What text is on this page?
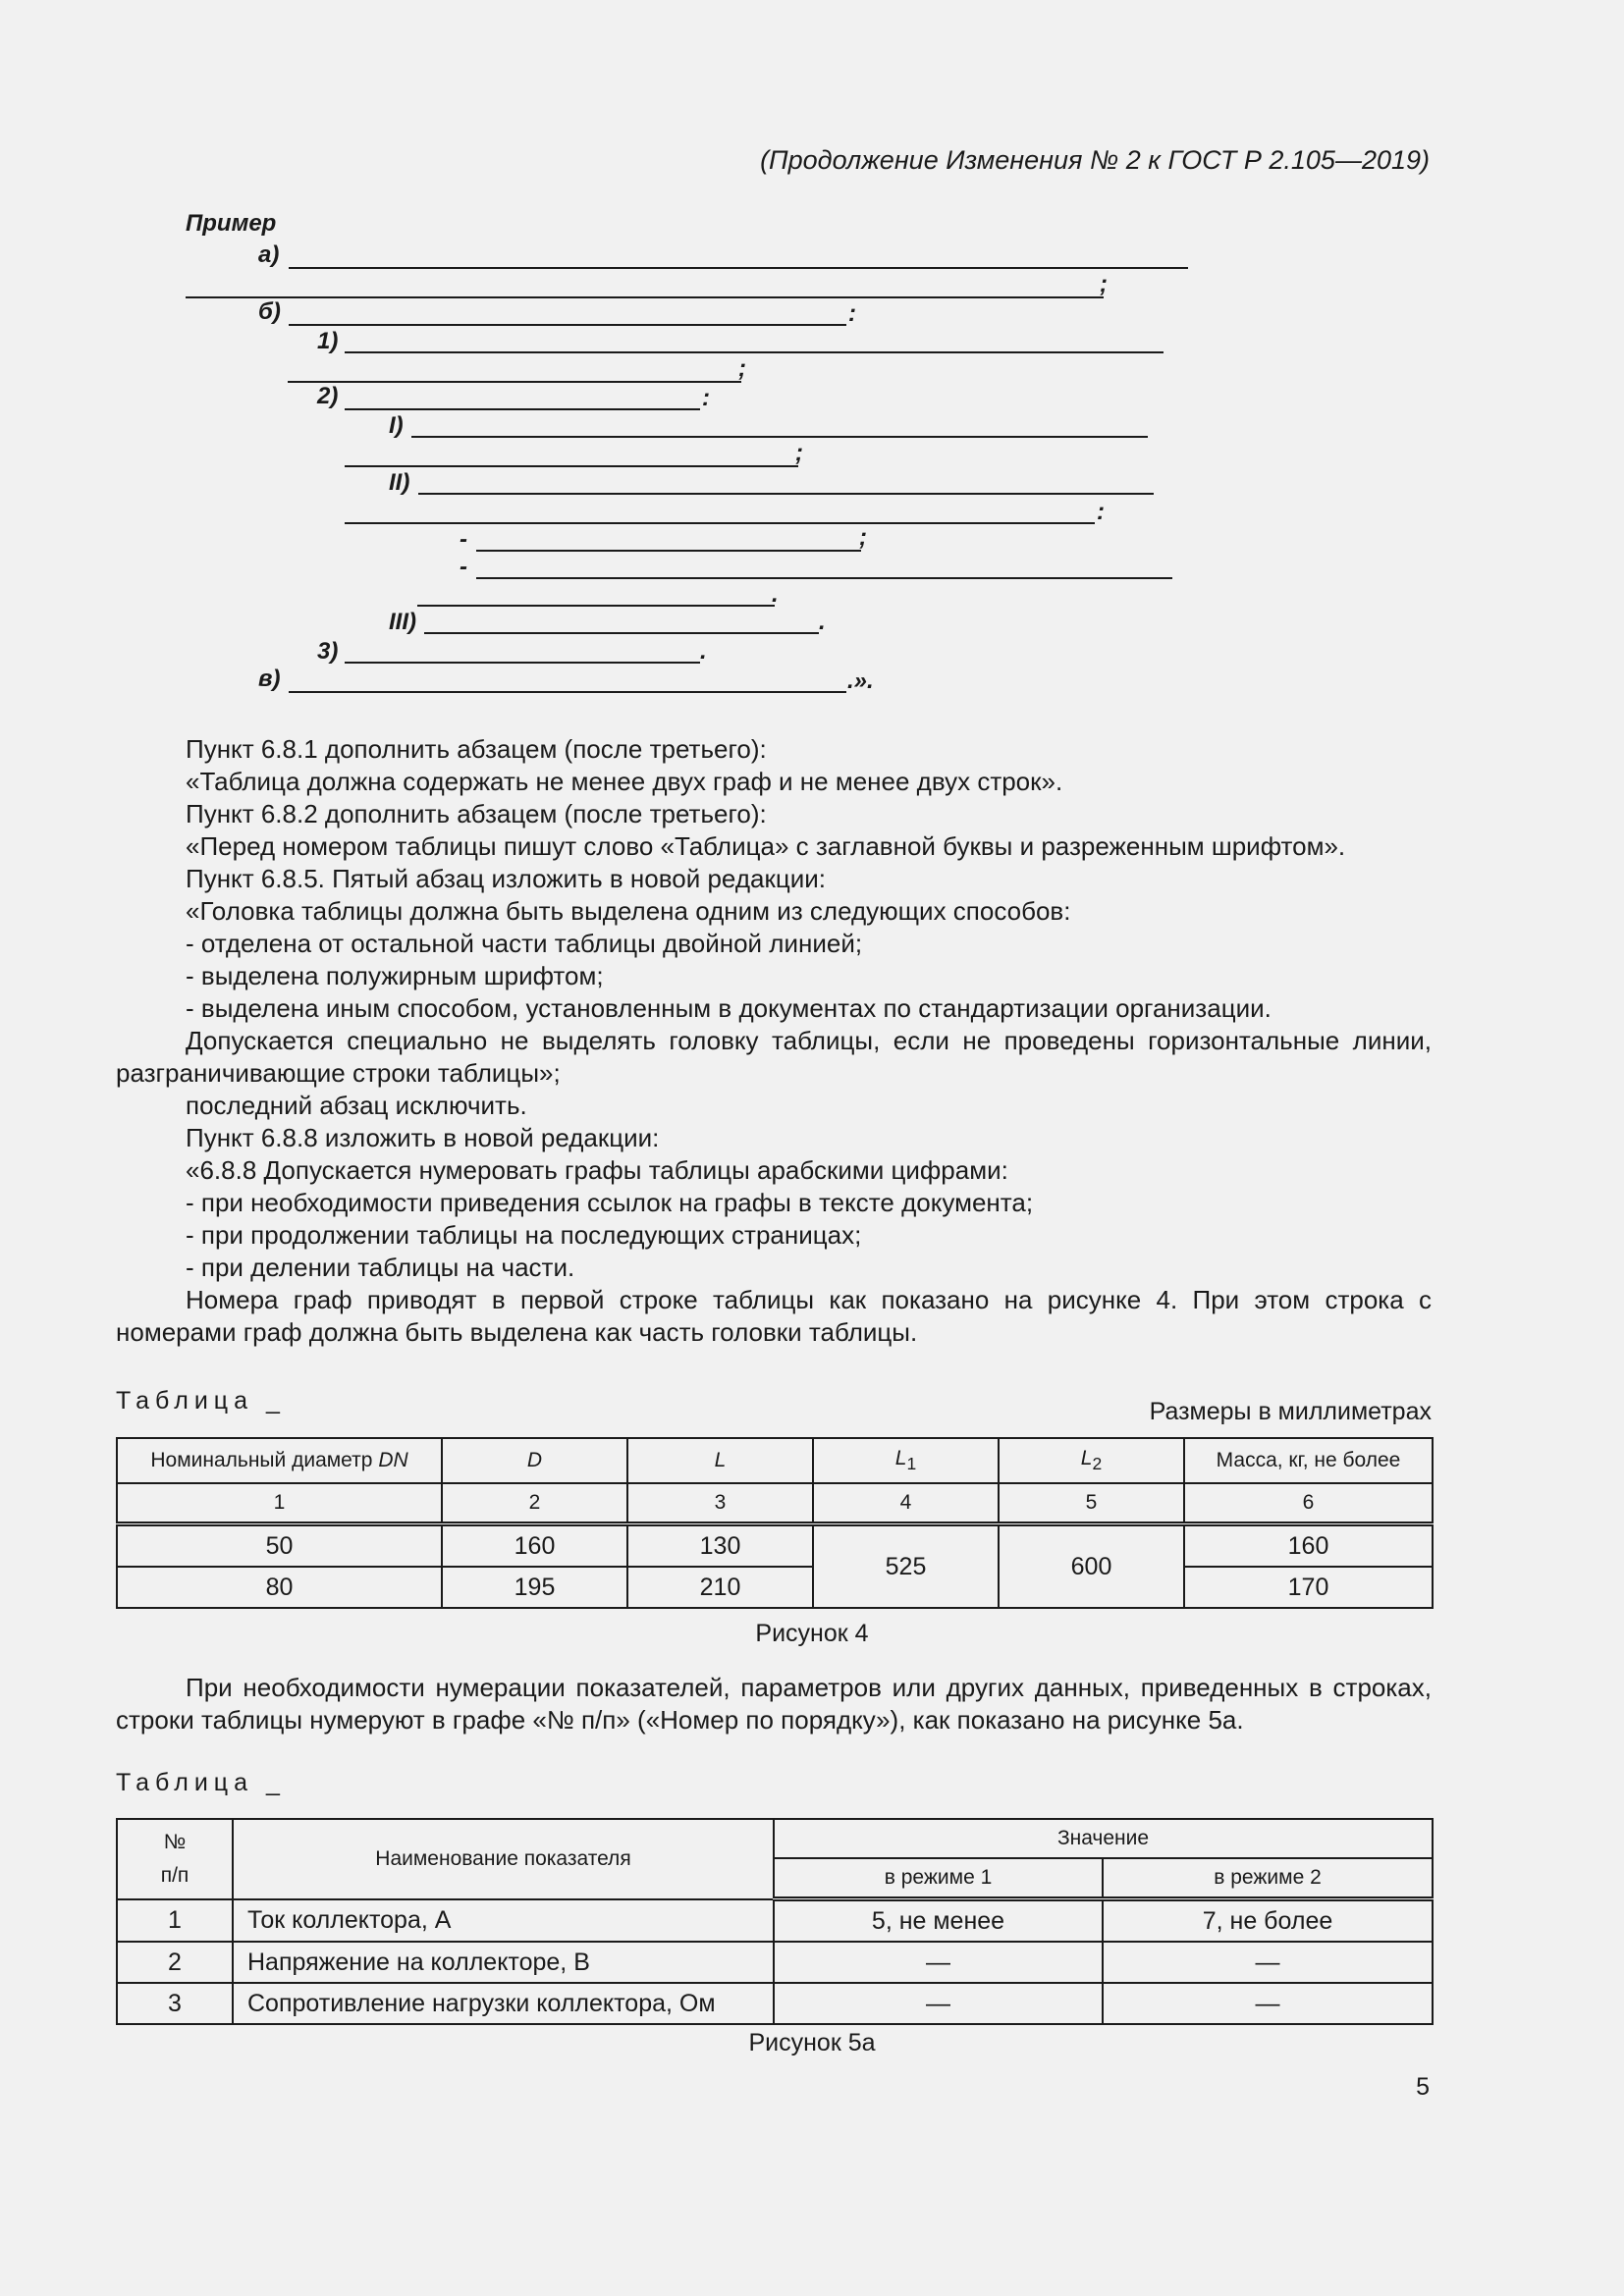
(Продолжение Изменения № 2 к ГОСТ Р 2.105—2019)
Пример
а)
;
б)	:
1)
;
2)	:
I)
;
II)
:
-	;
-
.
III)	.
3)	.
в)	.».

Пункт 6.8.1 дополнить абзацем (после третьего):

«Таблица должна содержать не менее двух граф и не менее двух строк».

Пункт 6.8.2 дополнить абзацем (после третьего):

«Перед номером таблицы пишут слово «Таблица» с заглавной буквы и разреженным шрифтом».

Пункт 6.8.5. Пятый абзац изложить в новой редакции:

«Головка таблицы должна быть выделена одним из следующих способов:

- отделена от остальной части таблицы двойной линией;

- выделена полужирным шрифтом;

- выделена иным способом, установленным в документах по стандартизации организации.

Допускается специально не выделять головку таблицы, если не проведены горизонтальные линии, разграничивающие строки таблицы»;

последний абзац исключить.

Пункт 6.8.8 изложить в новой редакции:

«6.8.8 Допускается нумеровать графы таблицы арабскими цифрами:

- при необходимости приведения ссылок на графы в тексте документа;

- при продолжении таблицы на последующих страницах;

- при делении таблицы на части.

Номера граф приводят в первой строке таблицы как показано на рисунке 4. При этом строка с номерами граф должна быть выделена как часть головки таблицы.

Таблица _	Размеры в миллиметрах
Номинальный диаметр DN	D	L	$L_1$	$L_2$	Масса, кг, не более
1	2	3	4	5	6
50	160	130	525	600	160
80	195	210			170
Рисунок 4

При необходимости нумерации показателей, параметров или других данных, приведенных в строках, строки таблицы нумеруют в графе «№ п/п» («Номер по порядку»), как показано на рисунке 5а.

Таблица _
№
п/п	Наименование показателя	Значение	
		в режиме 1	в режиме 2
1	Ток коллектора, А	5, не менее	7, не более
2	Напряжение на коллекторе, В	—	—
3	Сопротивление нагрузки коллектора, Ом	—	—
Рисунок 5а
5
